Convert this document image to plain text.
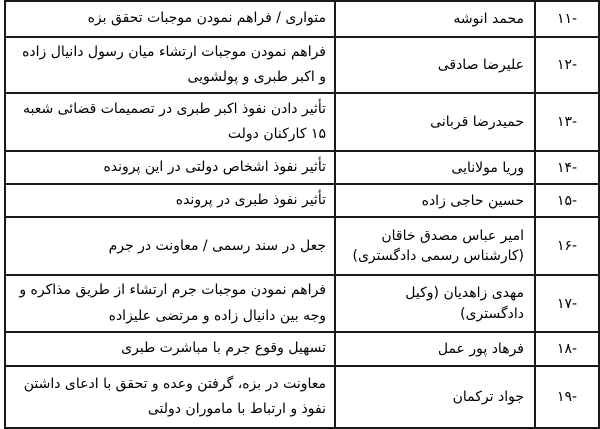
-۱۱	محمد انوشه	متواری / فراهم نمودن موجبات تحقق بزه
-۱۲	علیرضا صادقی	فراهم نمودن موجبات ارتشاء میان رسول دانیال زاده و اکبر طبری و پولشویی
-۱۳	حمیدرضا قربانی	تأثیر دادن نفوذ اکبر طبری در تصمیمات قضائی شعبه ۱۵ کارکنان دولت
-۱۴	وریا مولانایی	تأثیر نفوذ اشخاص دولتی در این پرونده
-۱۵	حسین حاجی زاده	تأثیر نفوذ طبری در پرونده
-۱۶	امیر عباس مصدق خاقان (کارشناس رسمی دادگستری)	جعل در سند رسمی / معاونت در جرم
-۱۷	مهدی زاهدیان (وکیل دادگستری)	فراهم نمودن موجبات جرم ارتشاء از طریق مذاکره و وجه بین دانیال زاده و مرتضی علیزاده
-۱۸	فرهاد پور عمل	تسهیل وقوع جرم با مباشرت طبری
-۱۹	جواد ترکمان	معاونت در بزه، گرفتن وعده و تحقق با ادعای داشتن نفوذ و ارتباط با ماموران دولتی
